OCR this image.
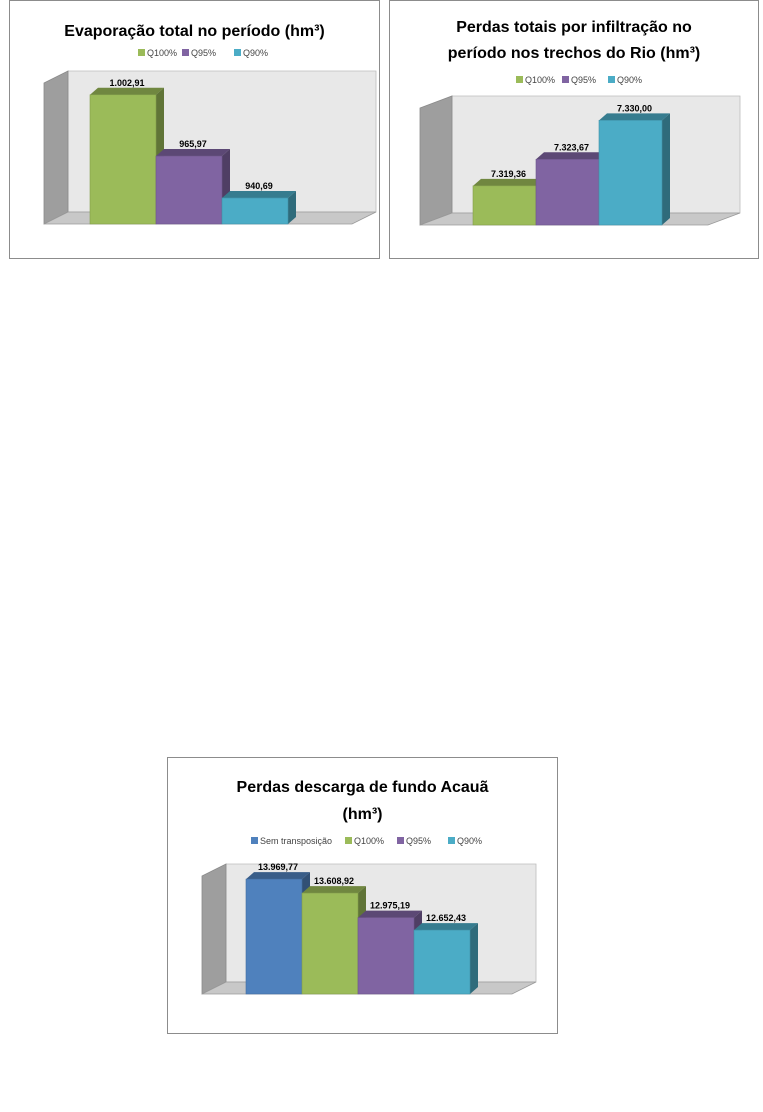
Evaporação total no período (hm³)
Q100% Q95%	Q90%
1.002,91
965,97
940,69
Perdas totais por infiltração no período nos trechos do Rio (hm³)
Q100% Q95% Q90%
7.319,36
7.323,67
7.330,00
Perdas descarga de fundo Acauã (hm³)
Sem transposição Q100% Q95%	Q90%
13.969,77
13.608,92
12.975,19
12.652,43
